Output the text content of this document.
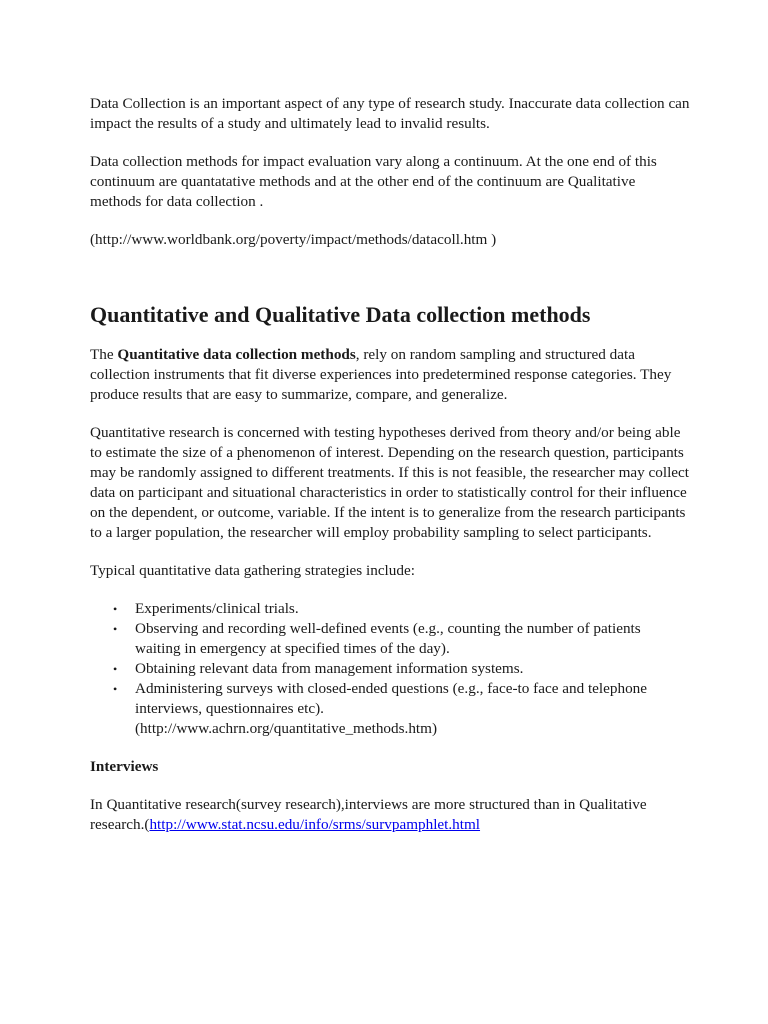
Data Collection is an important aspect of any type of research study. Inaccurate data collection can impact the results of a study and ultimately lead to invalid results.

Data collection methods for impact evaluation vary along a continuum. At the one end of this continuum are quantatative methods and at the other end of the continuum are Qualitative methods for data collection .

(http://www.worldbank.org/poverty/impact/methods/datacoll.htm )

Quantitative and Qualitative Data collection methods

The Quantitative data collection methods, rely on random sampling and structured data collection instruments that fit diverse experiences into predetermined response categories. They produce results that are easy to summarize, compare, and generalize.

Quantitative research is concerned with testing hypotheses derived from theory and/or being able to estimate the size of a phenomenon of interest. Depending on the research question, participants may be randomly assigned to different treatments. If this is not feasible, the researcher may collect data on participant and situational characteristics in order to statistically control for their influence on the dependent, or outcome, variable. If the intent is to generalize from the research participants to a larger population, the researcher will employ probability sampling to select participants.

Typical quantitative data gathering strategies include:

• Experiments/clinical trials.
• Observing and recording well-defined events (e.g., counting the number of patients waiting in emergency at specified times of the day).
• Obtaining relevant data from management information systems.
• Administering surveys with closed-ended questions (e.g., face-to face and telephone interviews, questionnaires etc).
(http://www.achrn.org/quantitative_methods.htm)
Interviews

In Quantitative research(survey research),interviews are more structured than in Qualitative research.(http://www.stat.ncsu.edu/info/srms/survpamphlet.html
